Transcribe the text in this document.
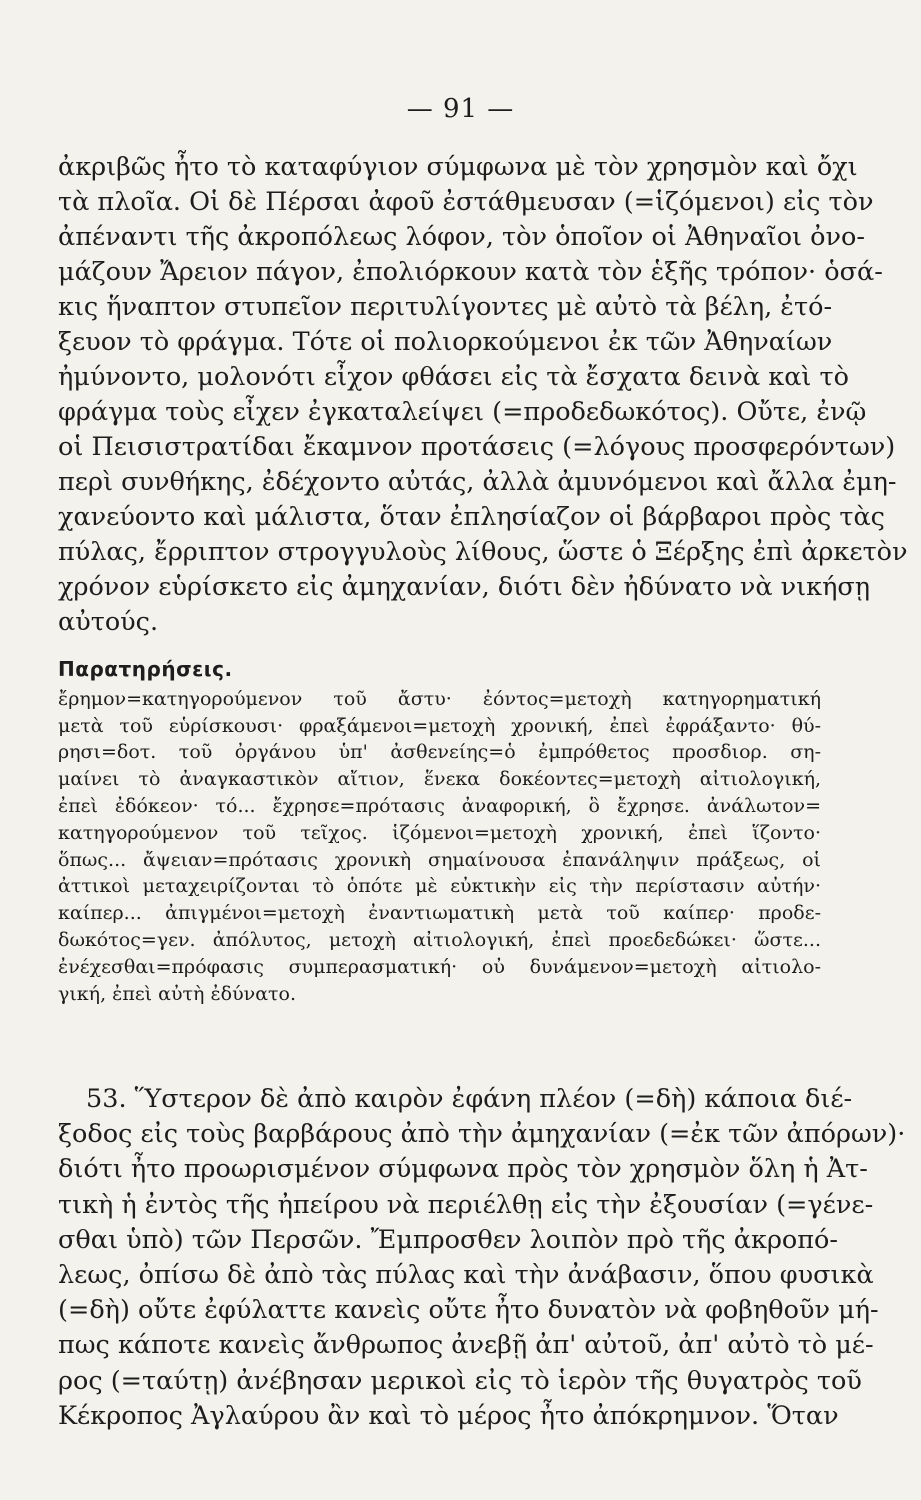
— 91 —
ἀκριβῶς ἦτο τὸ καταφύγιον σύμφωνα μὲ τὸν χρησμὸν καὶ ὄχι
τὰ πλοῖα. Οἱ δὲ Πέρσαι ἀφοῦ ἐστάθμευσαν (=ἱζόμενοι) εἰς τὸν
ἀπέναντι τῆς ἀκροπόλεως λόφον, τὸν ὁποῖον οἱ Ἀθηναῖοι ὀνο-
μάζουν Ἄρειον πάγον, ἐπολιόρκουν κατὰ τὸν ἑξῆς τρόπον· ὁσά-
κις ἥναπτον στυπεῖον περιτυλίγοντες μὲ αὐτὸ τὰ βέλη, ἐτό-
ξευον τὸ φράγμα. Τότε οἱ πολιορκούμενοι ἐκ τῶν Ἀθηναίων
ἠμύνοντο, μολονότι εἶχον φθάσει εἰς τὰ ἔσχατα δεινὰ καὶ τὸ
φράγμα τοὺς εἶχεν ἐγκαταλείψει (=προδεδωκότος). Οὔτε, ἐνῷ
οἱ Πεισιστρατίδαι ἔκαμνον προτάσεις (=λόγους προσφερόντων)
περὶ συνθήκης, ἐδέχοντο αὐτάς, ἀλλὰ ἀμυνόμενοι καὶ ἄλλα ἐμη-
χανεύοντο καὶ μάλιστα, ὅταν ἐπλησίαζον οἱ βάρβαροι πρὸς τὰς
πύλας, ἔρριπτον στρογγυλοὺς λίθους, ὥστε ὁ Ξέρξης ἐπὶ ἀρκετὸν
χρόνον εὑρίσκετο εἰς ἀμηχανίαν, διότι δὲν ἠδύνατο νὰ νικήσῃ
αὐτούς.
Παρατηρήσεις.
ἔρημον=κατηγορούμενον τοῦ ἄστυ· ἐόντος=μετοχὴ κατηγορηματική
μετὰ τοῦ εὑρίσκουσι· φραξάμενοι=μετοχὴ χρονική, ἐπεὶ ἐφράξαντο· θύ-
ρησι=δοτ. τοῦ ὀργάνου ὑπ' ἀσθενείης=ὁ ἐμπρόθετος προσδιορ. ση-
μαίνει τὸ ἀναγκαστικὸν αἴτιον, ἕνεκα δοκέοντες=μετοχὴ αἰτιολογική,
ἐπεὶ ἐδόκεον· τό... ἔχρησε=πρότασις ἀναφορική, ὃ ἔχρησε. ἀνάλωτον=
κατηγορούμενον τοῦ τεῖχος. ἱζόμενοι=μετοχὴ χρονική, ἐπεὶ ἵζοντο·
ὅπως... ἄψειαν=πρότασις χρονικὴ σημαίνουσα ἐπανάληψιν πράξεως, οἱ
ἀττικοὶ μεταχειρίζονται τὸ ὁπότε μὲ εὐκτικὴν εἰς τὴν περίστασιν αὐτήν·
καίπερ... ἀπιγμένοι=μετοχὴ ἐναντιωματικὴ μετὰ τοῦ καίπερ· προδε-
δωκότος=γεν. ἀπόλυτος, μετοχὴ αἰτιολογική, ἐπεὶ προεδεδώκει· ὥστε...
ἐνέχεσθαι=πρόφασις συμπερασματική· οὐ δυνάμενον=μετοχὴ αἰτιολο-
γική, ἐπεὶ αὐτὴ ἐδύνατο.
53. Ὕστερον δὲ ἀπὸ καιρὸν ἐφάνη πλέον (=δὴ) κάποια διέ-
ξοδος εἰς τοὺς βαρβάρους ἀπὸ τὴν ἀμηχανίαν (=ἐκ τῶν ἀπόρων)·
διότι ἦτο προωρισμένον σύμφωνα πρὸς τὸν χρησμὸν ὅλη ἡ Ἀτ-
τικὴ ἡ ἐντὸς τῆς ἠπείρου νὰ περιέλθῃ εἰς τὴν ἐξουσίαν (=γένε-
σθαι ὑπὸ) τῶν Περσῶν. Ἔμπροσθεν λοιπὸν πρὸ τῆς ἀκροπό-
λεως, ὀπίσω δὲ ἀπὸ τὰς πύλας καὶ τὴν ἀνάβασιν, ὅπου φυσικὰ
(=δὴ) οὔτε ἐφύλαττε κανεὶς οὔτε ἦτο δυνατὸν νὰ φοβηθοῦν μή-
πως κάποτε κανεὶς ἄνθρωπος ἀνεβῇ ἀπ' αὐτοῦ, ἀπ' αὐτὸ τὸ μέ-
ρος (=ταύτῃ) ἀνέβησαν μερικοὶ εἰς τὸ ἱερὸν τῆς θυγατρὸς τοῦ
Κέκροπος Ἀγλαύρου ἂν καὶ τὸ μέρος ἦτο ἀπόκρημνον. Ὅταν
